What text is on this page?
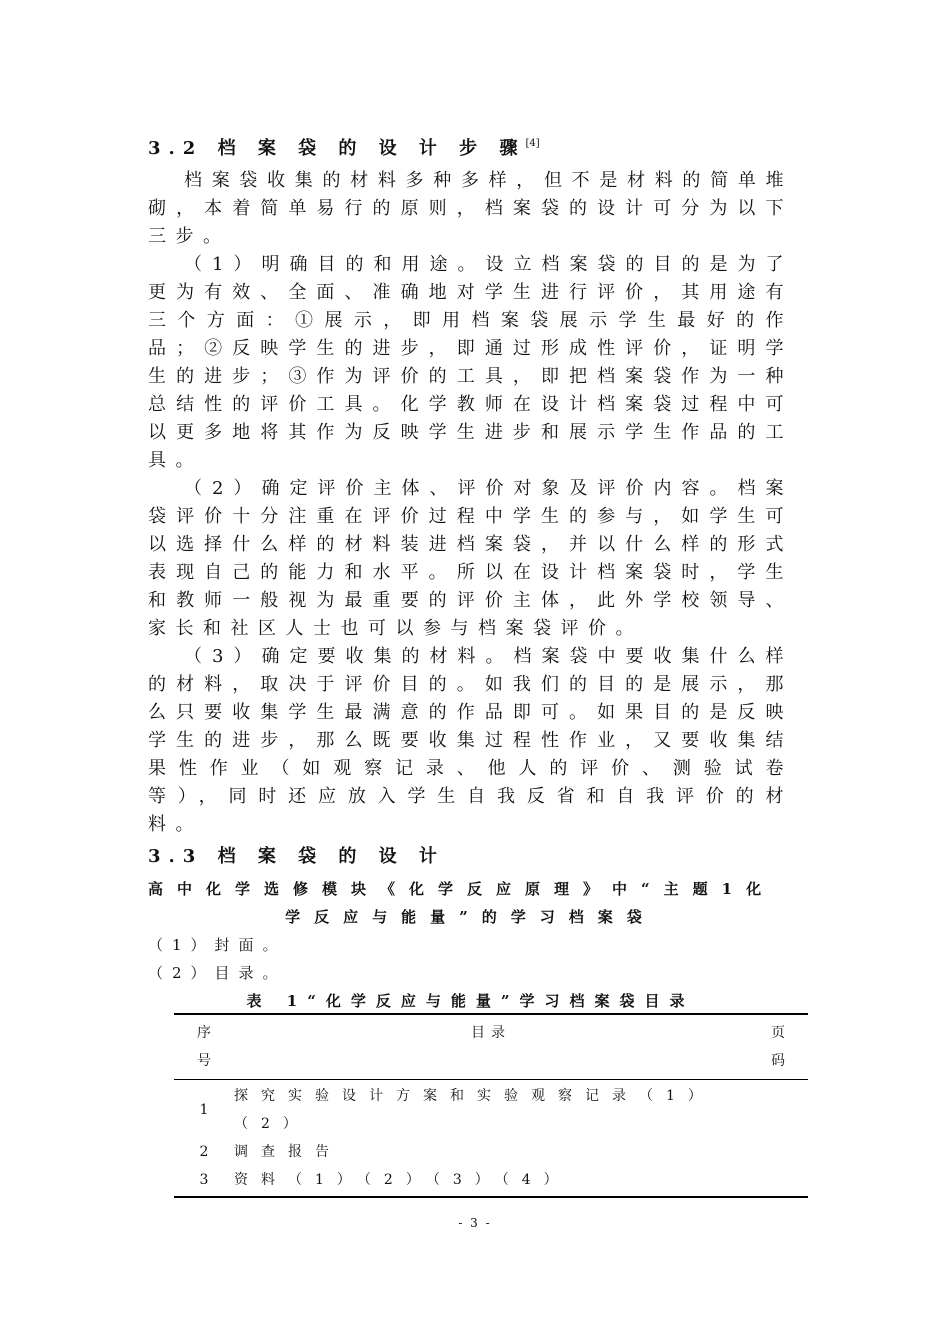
3.2 档 案 袋 的 设 计 步 骤[4]

档案袋收集的材料多种多样，但不是材料的简单堆砌，本着简单易行的原则，档案袋的设计可分为以下三步。

（1）明确目的和用途。设立档案袋的目的是为了更为有效、全面、准确地对学生进行评价，其用途有三个方面：①展示，即用档案袋展示学生最好的作品；②反映学生的进步，即通过形成性评价，证明学生的进步；③作为评价的工具，即把档案袋作为一种总结性的评价工具。化学教师在设计档案袋过程中可以更多地将其作为反映学生进步和展示学生作品的工具。

（2）确定评价主体、评价对象及评价内容。档案袋评价十分注重在评价过程中学生的参与，如学生可以选择什么样的材料装进档案袋，并以什么样的形式表现自己的能力和水平。所以在设计档案袋时，学生和教师一般视为最重要的评价主体，此外学校领导、家长和社区人士也可以参与档案袋评价。

（3）确定要收集的材料。档案袋中要收集什么样的材料，取决于评价目的。如我们的目的是展示，那么只要收集学生最满意的作品即可。如果目的是反映学生的进步，那么既要收集过程性作业，又要收集结果性作业（如观察记录、他人的评价、测验试卷等），同时还应放入学生自我反省和自我评价的材料。

3.3 档 案 袋 的 设 计

高中化学选修模块《化学反应原理》中“主题1化

学反应与能量”的学习档案袋

（1）封面。

（2）目录。

表 1“化学反应与能量”学习档案袋目录

序号	目录	页码
1	探究实验设计方案和实验观察记录（1）（2）	
2	调查报告	
3	资料（1）（2）（3）（4）	
- 3 -
